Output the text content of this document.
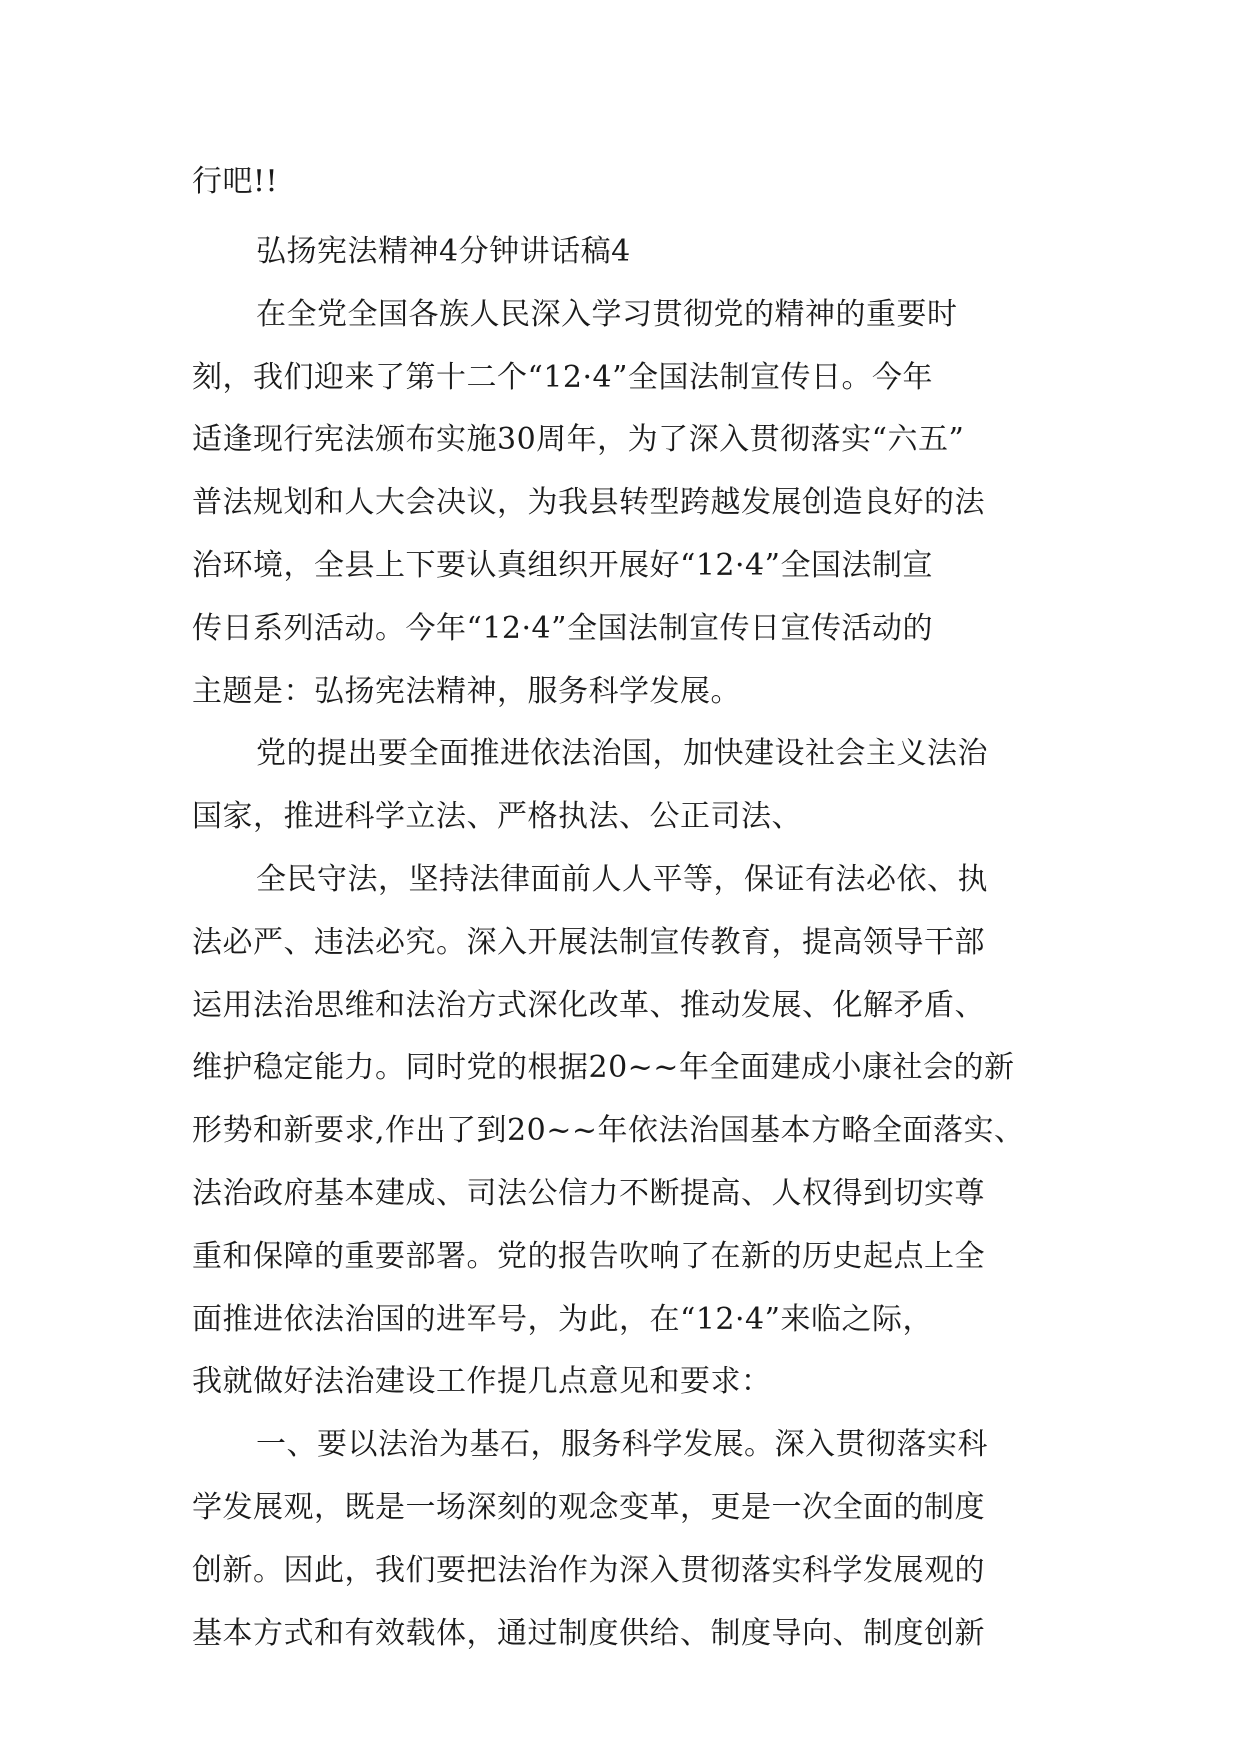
行吧!!
弘扬宪法精神4分钟讲话稿4
在全党全国各族人民深入学习贯彻党的精神的重要时
刻，我们迎来了第十二个“12·4”全国法制宣传日。今年
适逢现行宪法颁布实施30周年，为了深入贯彻落实“六五”
普法规划和人大会决议，为我县转型跨越发展创造良好的法
治环境，全县上下要认真组织开展好“12·4”全国法制宣
传日系列活动。今年“12·4”全国法制宣传日宣传活动的
主题是：弘扬宪法精神，服务科学发展。
党的提出要全面推进依法治国，加快建设社会主义法治
国家，推进科学立法、严格执法、公正司法、
全民守法，坚持法律面前人人平等，保证有法必依、执
法必严、违法必究。深入开展法制宣传教育，提高领导干部
运用法治思维和法治方式深化改革、推动发展、化解矛盾、
维护稳定能力。同时党的根据20~~年全面建成小康社会的新
形势和新要求,作出了到20~~年依法治国基本方略全面落实、
法治政府基本建成、司法公信力不断提高、人权得到切实尊
重和保障的重要部署。党的报告吹响了在新的历史起点上全
面推进依法治国的进军号，为此，在“12·4”来临之际，
我就做好法治建设工作提几点意见和要求：
一、要以法治为基石，服务科学发展。深入贯彻落实科
学发展观，既是一场深刻的观念变革，更是一次全面的制度
创新。因此，我们要把法治作为深入贯彻落实科学发展观的
基本方式和有效载体，通过制度供给、制度导向、制度创新
